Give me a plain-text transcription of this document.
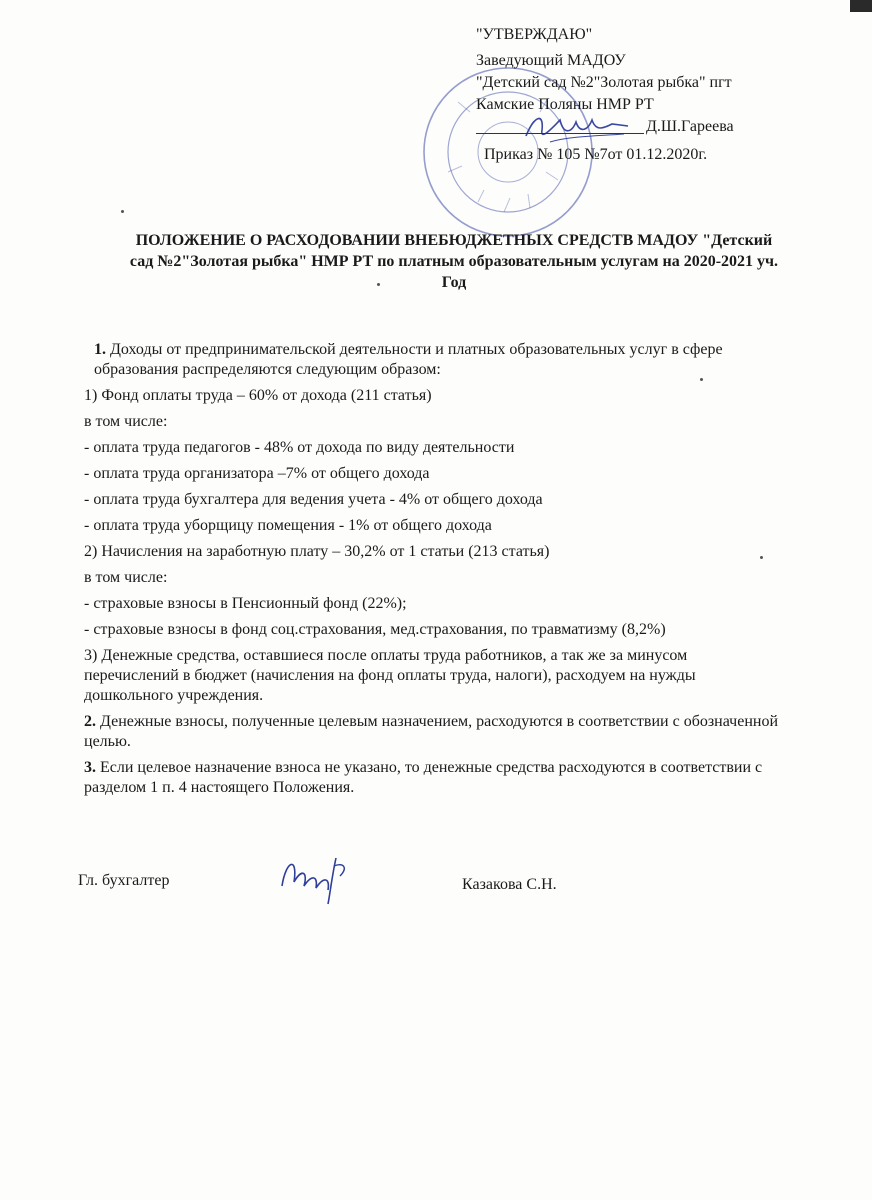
"УТВЕРЖДАЮ"
Заведующий МАДОУ
"Детский сад №2"Золотая рыбка" пгт
Камские Поляны НМР РТ
Д.Ш.Гареева
Приказ № 105 №7от 01.12.2020г.
ПОЛОЖЕНИЕ О РАСХОДОВАНИИ ВНЕБЮДЖЕТНЫХ СРЕДСТВ МАДОУ "Детский
сад №2"Золотая рыбка" НМР РТ по платным образовательным услугам на 2020-2021 уч.
Год

1. Доходы от предпринимательской деятельности и платных образовательных услуг в сфере образования распределяются следующим образом:

1) Фонд оплаты труда – 60% от дохода (211 статья)

в том числе:

- оплата труда педагогов - 48% от дохода по виду деятельности

- оплата труда организатора –7% от общего дохода

- оплата труда бухгалтера для ведения учета - 4% от общего дохода

- оплата труда уборщицу помещения - 1% от общего дохода

2) Начисления на заработную плату – 30,2% от 1 статьи (213 статья)

в том числе:

- страховые взносы в Пенсионный фонд (22%);

- страховые взносы в фонд соц.страхования, мед.страхования, по травматизму (8,2%)

3) Денежные средства, оставшиеся после оплаты труда работников, а так же за минусом перечислений в бюджет (начисления на фонд оплаты труда, налоги), расходуем на нужды дошкольного учреждения.

2. Денежные взносы, полученные целевым назначением, расходуются в соответствии с обозначенной целью.

3. Если целевое назначение взноса не указано, то денежные средства расходуются в соответствии с разделом 1 п. 4 настоящего Положения.

Гл. бухгалтер	Казакова С.Н.
